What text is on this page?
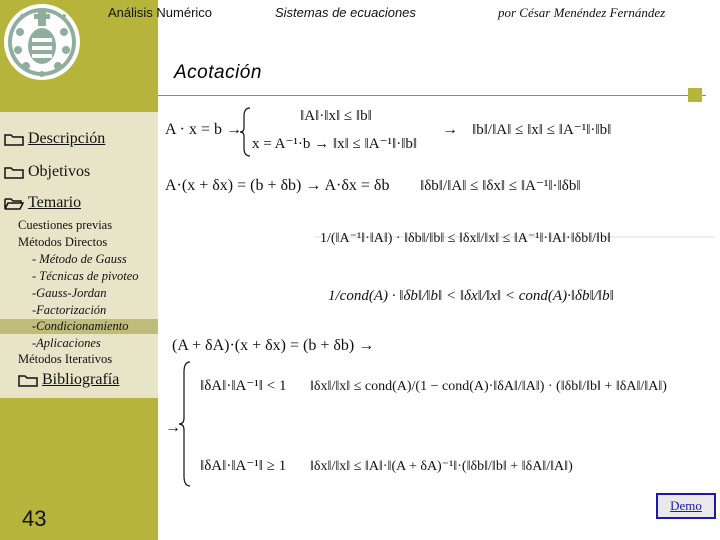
Análisis Numérico	Sistemas de ecuaciones	por César Menéndez Fernández
Acotación
Descripción
Objetivos
Temario
Cuestiones previas
Métodos Directos
- Método de Gauss
- Técnicas de pivoteo
-Gauss-Jordan
-Factorización
-Condicionamiento
-Aplicaciones
Métodos Iterativos
Bibliografía
43
A · x = b →
‖A‖·‖x‖ ≤ ‖b‖
x = A⁻¹·b → ‖x‖ ≤ ‖A⁻¹‖·‖b‖
→ ‖b‖/‖A‖ ≤ ‖x‖ ≤ ‖A⁻¹‖·‖b‖
A·(x + δx) = (b + δb) → A·δx = δb ‖δb‖/‖A‖ ≤ ‖δx‖ ≤ ‖A⁻¹‖·‖δb‖
1/(‖A⁻¹‖·‖A‖) · ‖δb‖/‖b‖ ≤ ‖δx‖/‖x‖ ≤ ‖A⁻¹‖·‖A‖·‖δb‖/‖b‖
1/cond(A) · ‖δb‖/‖b‖ < ‖δx‖/‖x‖ < cond(A)·‖δb‖/‖b‖
(A + δA)·(x + δx) = (b + δb) →
→
‖δA‖·‖A⁻¹‖ < 1 ‖δx‖/‖x‖ ≤ cond(A)/(1 − cond(A)·‖δA‖/‖A‖) · (‖δb‖/‖b‖ + ‖δA‖/‖A‖)
‖δA‖·‖A⁻¹‖ ≥ 1 ‖δx‖/‖x‖ ≤ ‖A‖·‖(A + δA)⁻¹‖·(‖δb‖/‖b‖ + ‖δA‖/‖A‖)
Demo
